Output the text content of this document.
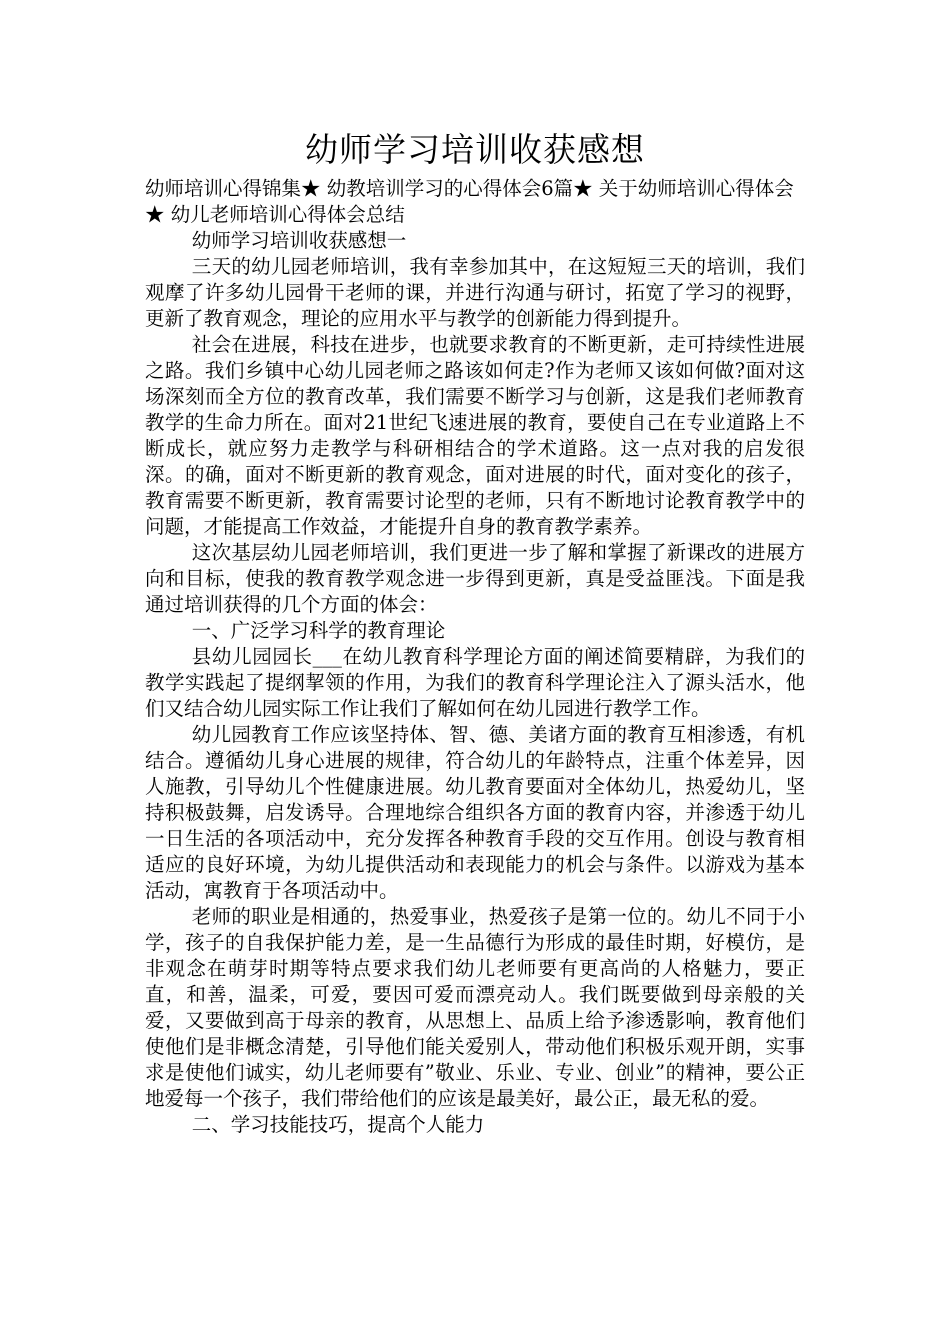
幼师学习培训收获感想

幼师培训心得锦集★ 幼教培训学习的心得体会6篇★ 关于幼师培训心得体会★ 幼儿老师培训心得体会总结

幼师学习培训收获感想一

三天的幼儿园老师培训，我有幸参加其中，在这短短三天的培训，我们观摩了许多幼儿园骨干老师的课，并进行沟通与研讨，拓宽了学习的视野，更新了教育观念，理论的应用水平与教学的创新能力得到提升。

社会在进展，科技在进步，也就要求教育的不断更新，走可持续性进展之路。我们乡镇中心幼儿园老师之路该如何走?作为老师又该如何做?面对这场深刻而全方位的教育改革，我们需要不断学习与创新，这是我们老师教育教学的生命力所在。面对21世纪飞速进展的教育，要使自己在专业道路上不断成长，就应努力走教学与科研相结合的学术道路。这一点对我的启发很深。的确，面对不断更新的教育观念，面对进展的时代，面对变化的孩子，教育需要不断更新，教育需要讨论型的老师，只有不断地讨论教育教学中的问题，才能提高工作效益，才能提升自身的教育教学素养。

这次基层幼儿园老师培训，我们更进一步了解和掌握了新课改的进展方向和目标，使我的教育教学观念进一步得到更新，真是受益匪浅。下面是我通过培训获得的几个方面的体会：

一、广泛学习科学的教育理论

县幼儿园园长___在幼儿教育科学理论方面的阐述简要精辟，为我们的教学实践起了提纲挈领的作用，为我们的教育科学理论注入了源头活水，他们又结合幼儿园实际工作让我们了解如何在幼儿园进行教学工作。

幼儿园教育工作应该坚持体、智、德、美诸方面的教育互相渗透，有机结合。遵循幼儿身心进展的规律，符合幼儿的年龄特点，注重个体差异，因人施教，引导幼儿个性健康进展。幼儿教育要面对全体幼儿，热爱幼儿，坚持积极鼓舞，启发诱导。合理地综合组织各方面的教育内容，并渗透于幼儿一日生活的各项活动中，充分发挥各种教育手段的交互作用。创设与教育相适应的良好环境，为幼儿提供活动和表现能力的机会与条件。以游戏为基本活动，寓教育于各项活动中。

老师的职业是相通的，热爱事业，热爱孩子是第一位的。幼儿不同于小学，孩子的自我保护能力差，是一生品德行为形成的最佳时期，好模仿，是非观念在萌芽时期等特点要求我们幼儿老师要有更高尚的人格魅力，要正直，和善，温柔，可爱，要因可爱而漂亮动人。我们既要做到母亲般的关爱，又要做到高于母亲的教育，从思想上、品质上给予渗透影响，教育他们使他们是非概念清楚，引导他们能关爱别人，带动他们积极乐观开朗，实事求是使他们诚实，幼儿老师要有”敬业、乐业、专业、创业”的精神，要公正地爱每一个孩子，我们带给他们的应该是最美好，最公正，最无私的爱。

二、学习技能技巧，提高个人能力
